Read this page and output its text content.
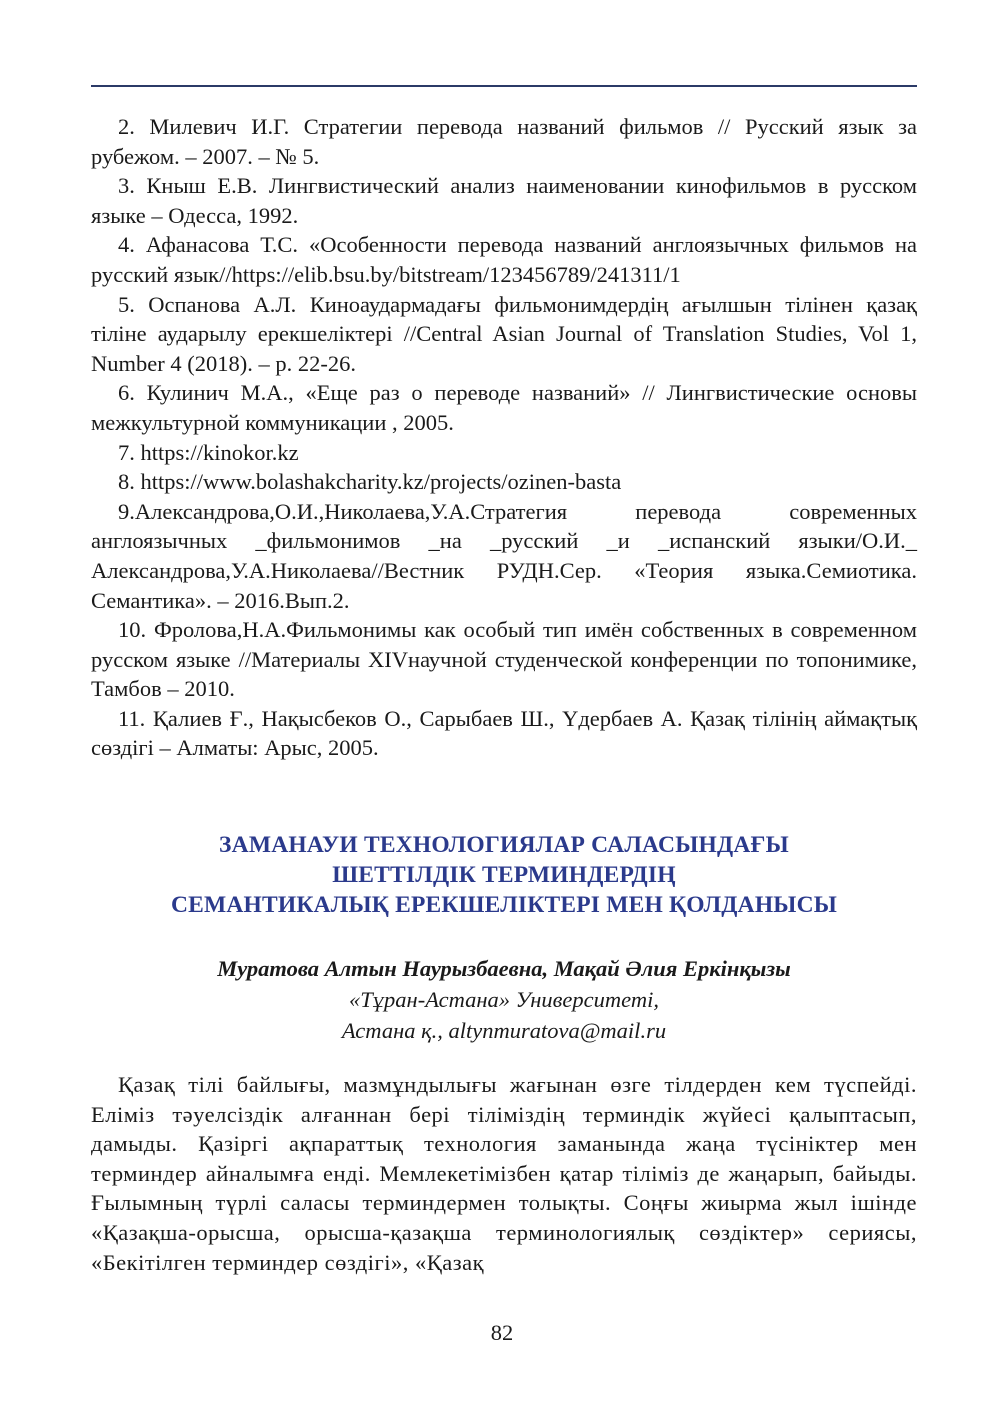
2. Милевич И.Г. Стратегии перевода названий фильмов // Русский язык за рубежом. – 2007. – № 5.

3. Кныш Е.В. Лингвистический анализ наименовании кинофильмов в русском языке – Одесса, 1992.

4. Афанасова Т.С. «Особенности перевода названий англоязычных фильмов на русский язык//https://elib.bsu.by/bitstream/123456789/241311/1

5. Оспанова А.Л. Киноаудармадағы фильмонимдердің ағылшын тілінен қазақ тіліне аударылу ерекшеліктері //Central Asian Journal of Translation Studies, Vol 1, Number 4 (2018). – p. 22-26.

6. Кулинич М.А., «Еще раз о переводе названий» // Лингвистические основы межкультурной коммуникации , 2005.

7. https://kinokor.kz

8. https://www.bolashakcharity.kz/projects/ozinen-basta

9.Александрова,О.И.,Николаева,У.А.Стратегия перевода современных англоязычных _фильмонимов _на _русский _и _испанский языки/О.И._ Александрова,У.А.Николаева//Вестник РУДН.Сер. «Теория языка.Семиотика. Семантика». – 2016.Вып.2.

10. Фролова,Н.А.Фильмонимы как особый тип имён собственных в современном русском языке //Материалы XIVнаучной студенческой конференции по топонимике, Тамбов – 2010.

11. Қалиев Ғ., Нақысбеков О., Сарыбаев Ш., Үдербаев А. Қазақ тілінің аймақтық сөздігі – Алматы: Арыс, 2005.

ЗАМАНАУИ ТЕХНОЛОГИЯЛАР САЛАСЫНДАҒЫ
ШЕТТІЛДІК ТЕРМИНДЕРДІҢ
СЕМАНТИКАЛЫҚ ЕРЕКШЕЛІКТЕРІ МЕН ҚОЛДАНЫСЫ
Муратова Алтын Наурызбаевна, Мақай Әлия Еркінқызы
«Тұран-Астана» Университеті,
Астана қ., altynmuratova@mail.ru

Қазақ тілі байлығы, мазмұндылығы жағынан өзге тілдерден кем түспейді. Еліміз тәуелсіздік алғаннан бері тіліміздің терминдік жүйесі қалыптасып, дамыды. Қазіргі ақпараттық технология заманында жаңа түсініктер мен терминдер айналымға енді. Мемлекетімізбен қатар тіліміз де жаңарып, байыды. Ғылымның түрлі саласы терминдермен толықты. Соңғы жиырма жыл ішінде «Қазақша-орысша, орысша-қазақша терминологиялық сөздіктер» сериясы, «Бекітілген терминдер сөздігі», «Қазақ

82
